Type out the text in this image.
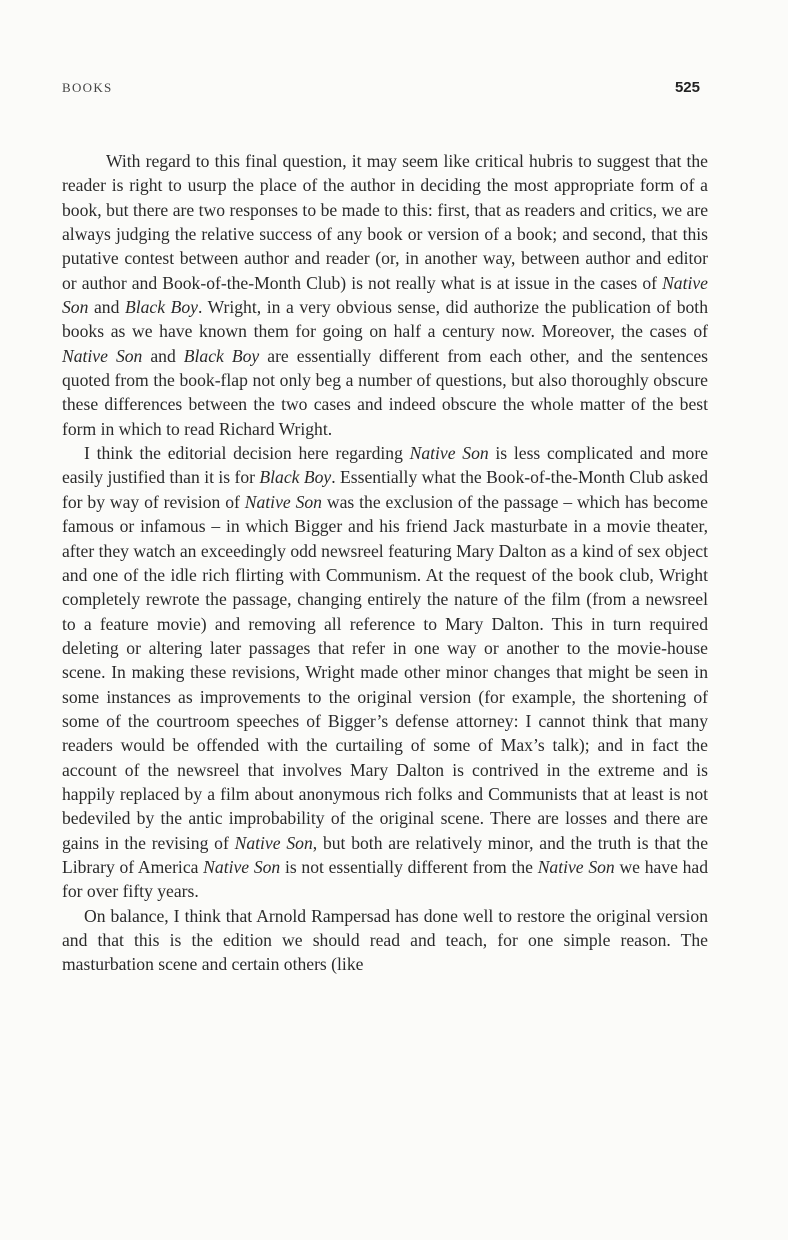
BOOKS	525

With regard to this final question, it may seem like critical hubris to suggest that the reader is right to usurp the place of the author in deciding the most appropriate form of a book, but there are two responses to be made to this: first, that as readers and critics, we are always judging the relative success of any book or version of a book; and second, that this putative contest between author and reader (or, in another way, between author and editor or author and Book-of-the-Month Club) is not really what is at issue in the cases of Native Son and Black Boy. Wright, in a very obvious sense, did authorize the publication of both books as we have known them for going on half a century now. Moreover, the cases of Native Son and Black Boy are essentially different from each other, and the sentences quoted from the book-flap not only beg a number of questions, but also thoroughly obscure these differences between the two cases and indeed obscure the whole matter of the best form in which to read Richard Wright.

I think the editorial decision here regarding Native Son is less complicated and more easily justified than it is for Black Boy. Essentially what the Book-of-the-Month Club asked for by way of revision of Native Son was the exclusion of the passage – which has become famous or infamous – in which Bigger and his friend Jack masturbate in a movie theater, after they watch an exceedingly odd newsreel featuring Mary Dalton as a kind of sex object and one of the idle rich flirting with Communism. At the request of the book club, Wright completely rewrote the passage, changing entirely the nature of the film (from a newsreel to a feature movie) and removing all reference to Mary Dalton. This in turn required deleting or altering later passages that refer in one way or another to the movie-house scene. In making these revisions, Wright made other minor changes that might be seen in some instances as improvements to the original version (for example, the shortening of some of the courtroom speeches of Bigger’s defense attorney: I cannot think that many readers would be offended with the curtailing of some of Max’s talk); and in fact the account of the newsreel that involves Mary Dalton is contrived in the extreme and is happily replaced by a film about anonymous rich folks and Communists that at least is not bedeviled by the antic improbability of the original scene. There are losses and there are gains in the revising of Native Son, but both are relatively minor, and the truth is that the Library of America Native Son is not essentially different from the Native Son we have had for over fifty years.

On balance, I think that Arnold Rampersad has done well to restore the original version and that this is the edition we should read and teach, for one simple reason. The masturbation scene and certain others (like
